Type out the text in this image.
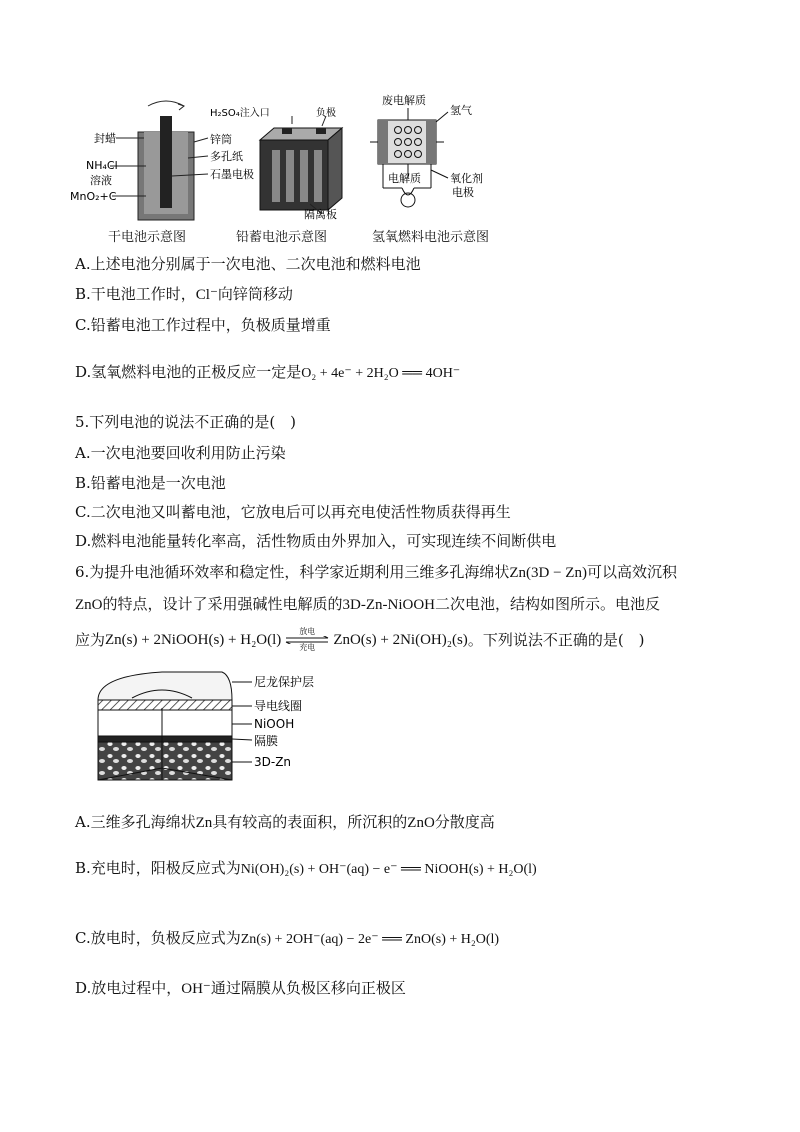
封蜡
NH₄Cl
溶液
MnO₂+C
锌筒
多孔纸
石墨电极
H₂SO₄注入口	负极
隔离板
废电解质
氢气
电解质	氧化剂
电极
干电池示意图	铅蓄电池示意图	氢氧燃料电池示意图
A.上述电池分别属于一次电池、二次电池和燃料电池
B.干电池工作时，Cl⁻向锌筒移动
C.铅蓄电池工作过程中，负极质量增重
D.氢氧燃料电池的正极反应一定是O₂ + 4e⁻ + 2H₂O ══ 4OH⁻
5.下列电池的说法不正确的是(　)
A.一次电池要回收利用防止污染
B.铅蓄电池是一次电池
C.二次电池又叫蓄电池，它放电后可以再充电使活性物质获得再生
D.燃料电池能量转化率高，活性物质由外界加入，可实现连续不间断供电
6.为提升电池循环效率和稳定性，科学家近期利用三维多孔海绵状Zn(3D − Zn)可以高效沉积
ZnO的特点，设计了采用强碱性电解质的3D-Zn-NiOOH二次电池，结构如图所示。电池反
应为 Zn(s) + 2NiOOH(s) + H₂O(l)
放电
充电 ZnO(s) + 2Ni(OH)₂(s) 。下列说法不正确的是(　)
尼龙保护层
导电线圈
NiOOH
隔膜
3D-Zn
A.三维多孔海绵状Zn具有较高的表面积，所沉积的ZnO分散度高
B.充电时，阳极反应式为Ni(OH)₂(s) + OH⁻(aq) − e⁻ ══ NiOOH(s) + H₂O(l)
C.放电时，负极反应式为Zn(s) + 2OH⁻(aq) − 2e⁻ ══ ZnO(s) + H₂O(l)
D.放电过程中，OH⁻通过隔膜从负极区移向正极区
